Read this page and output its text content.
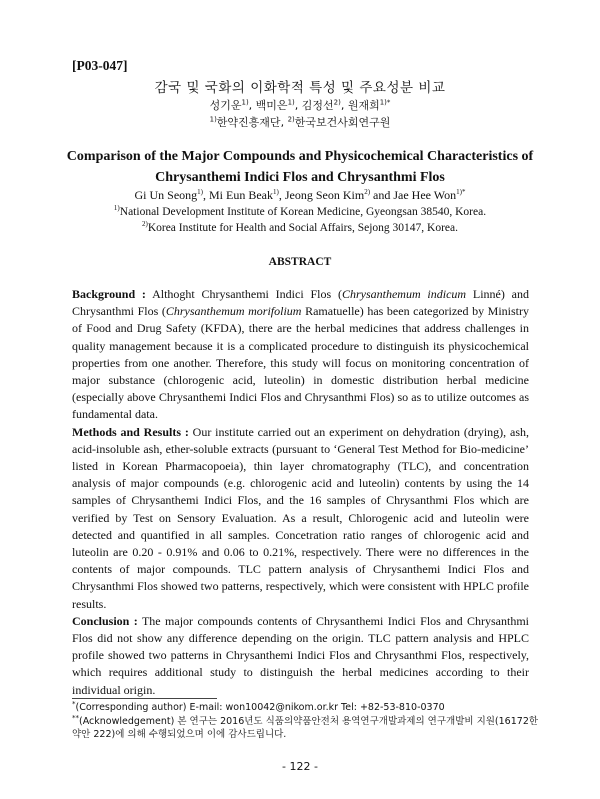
[P03-047]
감국 및 국화의 이화학적 특성 및 주요성분 비교
성기운$^{1)}$, 백미은$^{1)}$, 김정선$^{2)}$, 원재희$^{1)*}$
$^{1)}$한약진흥재단, $^{2)}$한국보건사회연구원
Comparison of the Major Compounds and Physicochemical Characteristics of
Chrysanthemi Indici Flos and Chrysanthmi Flos
Gi Un Seong$^{1)}$, Mi Eun Beak$^{1)}$, Jeong Seon Kim$^{2)}$ and Jae Hee Won$^{1)*}$
$^{1)}$National Development Institute of Korean Medicine, Gyeongsan 38540, Korea.
$^{2)}$Korea Institute for Health and Social Affairs, Sejong 30147, Korea.
ABSTRACT

Background : Althoght Chrysanthemi Indici Flos (Chrysanthemum indicum Linné) and Chrysanthmi Flos (Chrysanthemum morifolium Ramatuelle) has been categorized by Ministry of Food and Drug Safety (KFDA), there are the herbal medicines that address challenges in quality management because it is a complicated procedure to distinguish its physicochemical properties from one another. Therefore, this study will focus on monitoring concentration of major substance (chlorogenic acid, luteolin) in domestic distribution herbal medicine (especially above Chrysanthemi Indici Flos and Chrysanthmi Flos) so as to utilize outcomes as fundamental data.

Methods and Results : Our institute carried out an experiment on dehydration (drying), ash, acid-insoluble ash, ether-soluble extracts (pursuant to ‘General Test Method for Bio-medicine’ listed in Korean Pharmacopoeia), thin layer chromatography (TLC), and concentration analysis of major compounds (e.g. chlorogenic acid and luteolin) contents by using the 14 samples of Chrysanthemi Indici Flos, and the 16 samples of Chrysanthmi Flos which are verified by Test on Sensory Evaluation. As a result, Chlorogenic acid and luteolin were detected and quantified in all samples. Concetration ratio ranges of chlorogenic acid and luteolin are 0.20 - 0.91% and 0.06 to 0.21%, respectively. There were no differences in the contents of major compounds. TLC pattern analysis of Chrysanthemi Indici Flos and Chrysanthmi Flos showed two patterns, respectively, which were consistent with HPLC profile results.

Conclusion : The major compounds contents of Chrysanthemi Indici Flos and Chrysanthmi Flos did not show any difference depending on the origin. TLC pattern analysis and HPLC profile showed two patterns in Chrysanthemi Indici Flos and Chrysanthmi Flos, respectively, which requires additional study to distinguish the herbal medicines according to their individual origin.

*(Corresponding author) E-mail: won10042@nikom.or.kr Tel: +82-53-810-0370
**(Acknowledgement) 본 연구는 2016년도 식품의약품안전처 용역연구개발과제의 연구개발비 지원(16172한약안 222)에 의해 수행되었으며 이에 감사드립니다.
- 122 -
